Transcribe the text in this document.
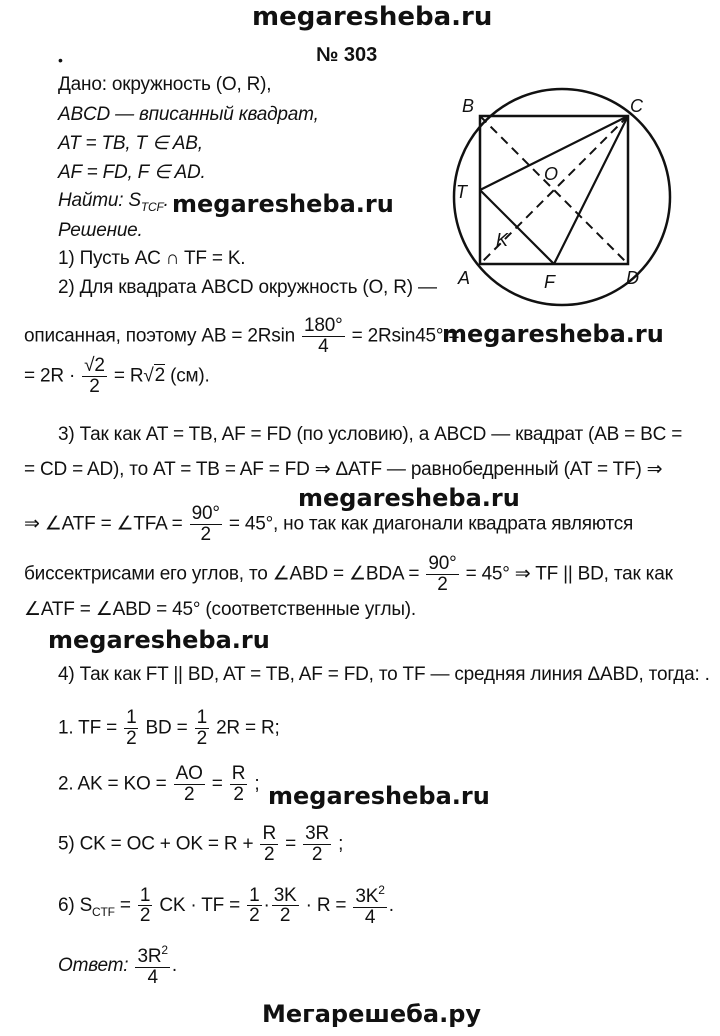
megaresheba.ru
№ 303
•
Дано: окружность (O, R),
ABCD — вписанный квадрат,
AT = TB, T ∈ AB,
AF = FD, F ∈ AD.
Найти: $S_{TCF}$. megaresheba.ru
Решение.
1) Пусть AC ∩ TF = K.
2) Для квадрата ABCD окружность (O, R) —
описанная, поэтому AB = $2Rsin \frac{180^\circ}{4} = 2Rsin45^\circ$ =
megaresheba.ru
= $2R \cdot \frac{√2}{2} = R√2$ (см).
3) Так как AT = TB, AF = FD (по условию), а ABCD — квадрат (AB = BC =
= CD = AD), то AT = TB = AF = FD ⇒ ΔATF — равнобедренный (AT = TF) ⇒
megaresheba.ru
⇒ ∠ATF = ∠TFA = $\frac{90^\circ}{2} = 45^\circ$, но так как диагонали квадрата являются
биссектрисами его углов, то ∠ABD = ∠BDA = $\frac{90^\circ}{2} = 45^\circ$ ⇒ TF || BD, так как
∠ATF = ∠ABD = 45° (соответственные углы).
megaresheba.ru
4) Так как FT || BD, AT = TB, AF = FD, то TF — средняя линия ΔABD, тогда: .
1. TF = $\frac{1}{2}$ BD = $\frac{1}{2} 2R = R$;
2. AK = KO = $\frac{AO}{2} = \frac{R}{2}$ ; megaresheba.ru
5) CK = OC + OK = $R + \frac{R}{2} = \frac{3R}{2}$ ;
6) $S_{CTF} = \frac{1}{2}$ CK · TF = $\frac{1}{2} \cdot \frac{3K}{2} \cdot R = \frac{3K^2}{4}$ .
Ответ: $\frac{3R^2}{4}$ .
Мегарешеба.ру
B	C
A	D
T
O
K
F
